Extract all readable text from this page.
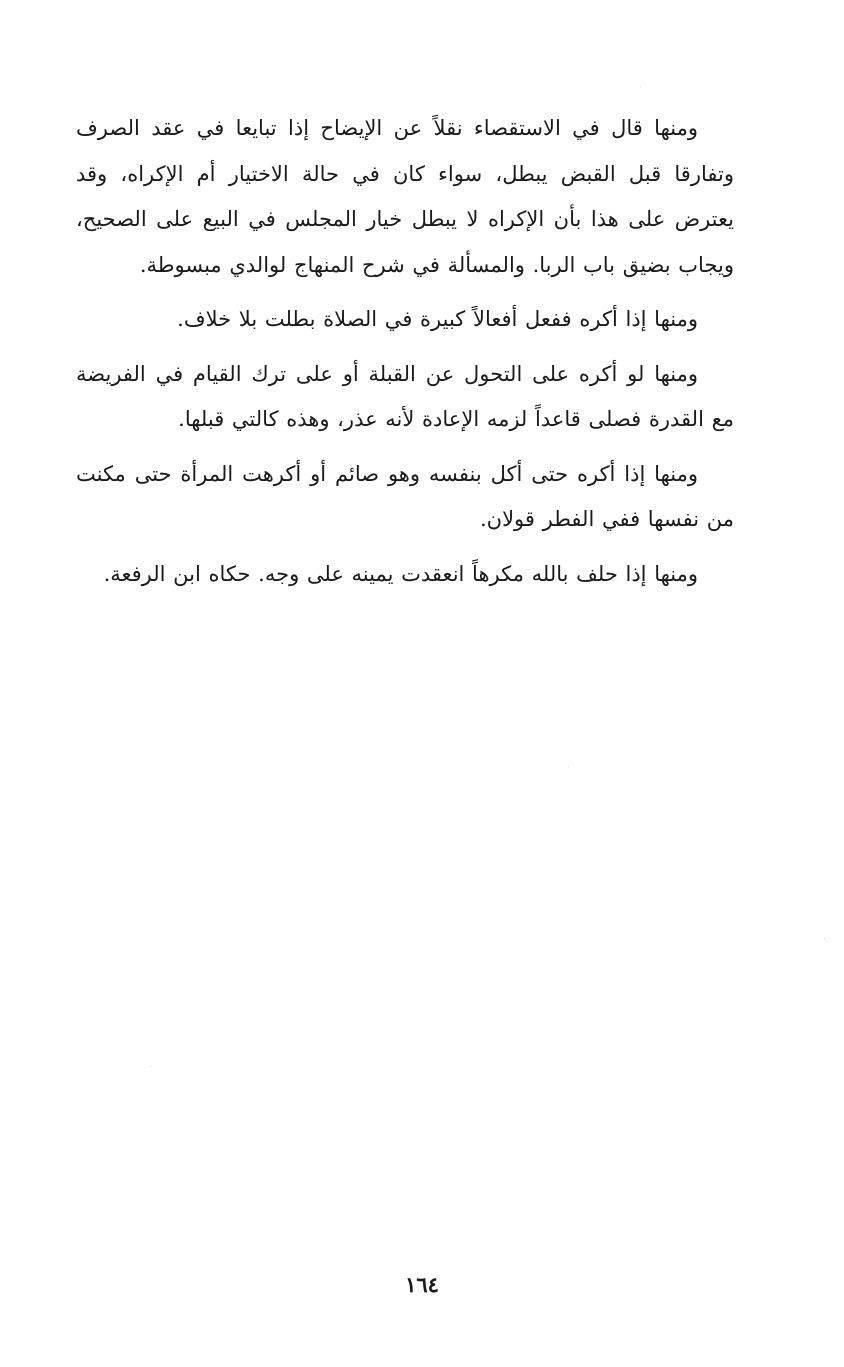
ومنها قال في الاستقصاء نقلاً عن الإيضاح إذا تبايعا في عقد الصرف وتفارقا قبل القبض يبطل، سواء كان في حالة الاختيار أم الإكراه، وقد يعترض على هذا بأن الإكراه لا يبطل خيار المجلس في البيع على الصحيح، ويجاب بضيق باب الربا. والمسألة في شرح المنهاج لوالدي مبسوطة.

ومنها إذا أكره ففعل أفعالاً كبيرة في الصلاة بطلت بلا خلاف.

ومنها لو أكره على التحول عن القبلة أو على ترك القيام في الفريضة مع القدرة فصلى قاعداً لزمه الإعادة لأنه عذر، وهذه كالتي قبلها.

ومنها إذا أكره حتى أكل بنفسه وهو صائم أو أكرهت المرأة حتى مكنت من نفسها ففي الفطر قولان.

ومنها إذا حلف بالله مكرهاً انعقدت يمينه على وجه. حكاه ابن الرفعة.

١٦٤
